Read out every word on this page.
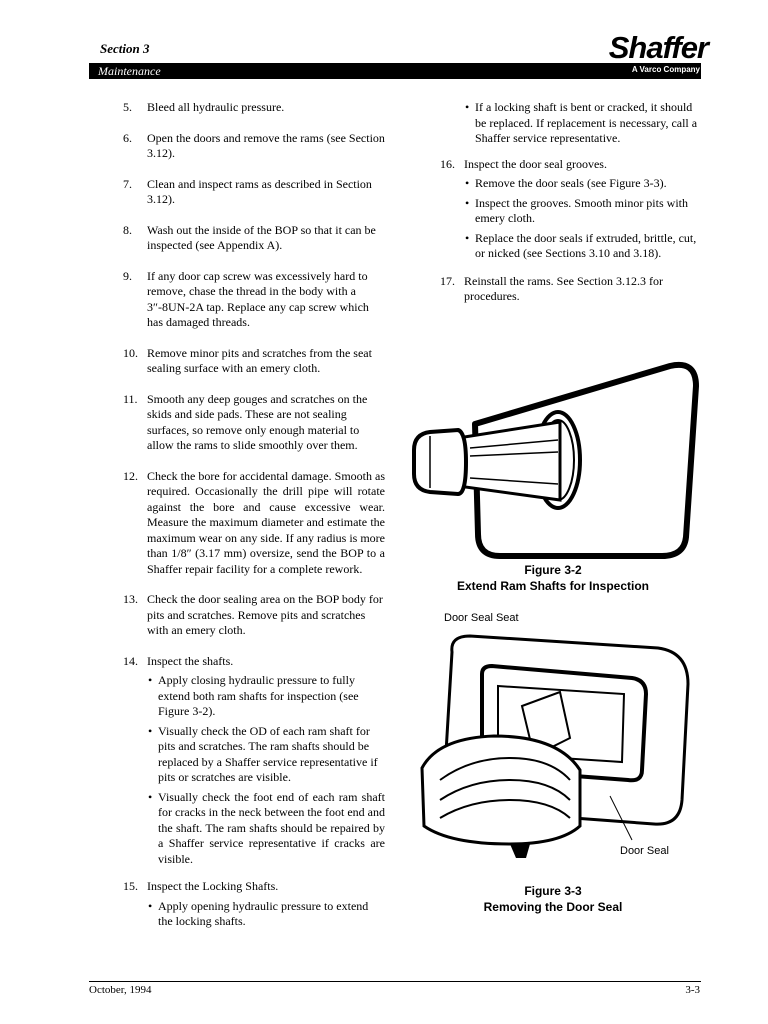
Section 3
Maintenance
Shaffer
A Varco Company
5. Bleed all hydraulic pressure.
6. Open the doors and remove the rams (see Section 3.12).
7. Clean and inspect rams as described in Section 3.12).
8. Wash out the inside of the BOP so that it can be inspected (see Appendix A).
9. If any door cap screw was excessively hard to remove, chase the thread in the body with a 3″-8UN-2A tap. Replace any cap screw which has damaged threads.
10. Remove minor pits and scratches from the seat sealing surface with an emery cloth.
11. Smooth any deep gouges and scratches on the skids and side pads. These are not sealing surfaces, so remove only enough material to allow the rams to slide smoothly over them.
12. Check the bore for accidental damage. Smooth as required. Occasionally the drill pipe will rotate against the bore and cause excessive wear. Measure the maximum diameter and estimate the maximum wear on any side. If any radius is more than 1/8″ (3.17 mm) oversize, send the BOP to a Shaffer repair facility for a complete rework.
13. Check the door sealing area on the BOP body for pits and scratches. Remove pits and scratches with an emery cloth.
14. Inspect the shafts.
• Apply closing hydraulic pressure to fully extend both ram shafts for inspection (see Figure 3-2).
• Visually check the OD of each ram shaft for pits and scratches. The ram shafts should be replaced by a Shaffer service representative if pits or scratches are visible.
• Visually check the foot end of each ram shaft for cracks in the neck between the foot end and the shaft. The ram shafts should be repaired by a Shaffer service representative if cracks are visible.
15. Inspect the Locking Shafts.
• Apply opening hydraulic pressure to extend the locking shafts.
• If a locking shaft is bent or cracked, it should be replaced. If replacement is necessary, call a Shaffer service representative.
16. Inspect the door seal grooves.
• Remove the door seals (see Figure 3-3).
• Inspect the grooves. Smooth minor pits with emery cloth.
• Replace the door seals if extruded, brittle, cut, or nicked (see Sections 3.10 and 3.18).
17. Reinstall the rams. See Section 3.12.3 for procedures.
Figure 3-2
Extend Ram Shafts for Inspection
Door Seal Seat
Door Seal
Figure 3-3
Removing the Door Seal
October, 1994	3-3
